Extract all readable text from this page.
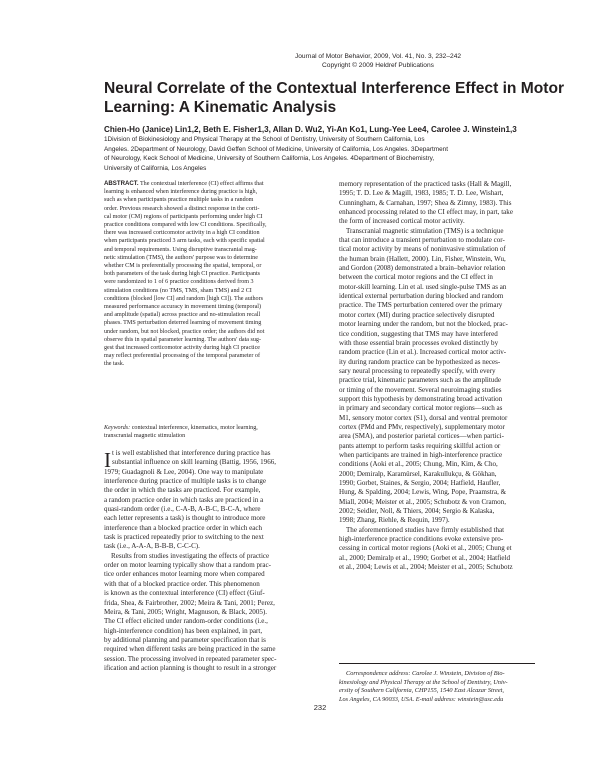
Journal of Motor Behavior, 2009, Vol. 41, No. 3, 232–242
Copyright © 2009 Heldref Publications
Neural Correlate of the Contextual Interference Effect in Motor
Learning: A Kinematic Analysis
Chien-Ho (Janice) Lin1,2, Beth E. Fisher1,3, Allan D. Wu2, Yi-An Ko1, Lung-Yee Lee4, Carolee J. Winstein1,3
1Division of Biokinesiology and Physical Therapy at the School of Dentistry, University of Southern California, Los
Angeles. 2Department of Neurology, David Geffen School of Medicine, University of California, Los Angeles. 3Department
of Neurology, Keck School of Medicine, University of Southern California, Los Angeles. 4Department of Biochemistry,
University of California, Los Angeles
ABSTRACT. The contextual interference (CI) effect affirms that
learning is enhanced when interference during practice is high,
such as when participants practice multiple tasks in a random
order. Previous research showed a distinct response in the corti-
cal motor (CM) regions of participants performing under high CI
practice conditions compared with low CI conditions. Specifically,
there was increased corticomotor activity in a high CI condition
when participants practiced 3 arm tasks, each with specific spatial
and temporal requirements. Using disruptive transcranial mag-
netic stimulation (TMS), the authors' purpose was to determine
whether CM is preferentially processing the spatial, temporal, or
both parameters of the task during high CI practice. Participants
were randomized to 1 of 6 practice conditions derived from 3
stimulation conditions (no TMS, TMS, sham TMS) and 2 CI
conditions (blocked [low CI] and random [high CI]). The authors
measured performance accuracy in movement timing (temporal)
and amplitude (spatial) across practice and no-stimulation recall
phases. TMS perturbation deterred learning of movement timing
under random, but not blocked, practice order; the authors did not
observe this in spatial parameter learning. The authors' data sug-
gest that increased corticomotor activity during high CI practice
may reflect preferential processing of the temporal parameter of
the task.
Keywords: contextual interference, kinematics, motor learning,
transcranial magnetic stimulation
I t is well established that interference during practice has
substantial influence on skill learning (Battig, 1956, 1966,
1979; Guadagnoli & Lee, 2004). One way to manipulate
interference during practice of multiple tasks is to change
the order in which the tasks are practiced. For example,
a random practice order in which tasks are practiced in a
quasi-random order (i.e., C-A-B, A-B-C, B-C-A, where
each letter represents a task) is thought to introduce more
interference than a blocked practice order in which each
task is practiced repeatedly prior to switching to the next
task (i.e., A-A-A, B-B-B, C-C-C).
Results from studies investigating the effects of practice
order on motor learning typically show that a random prac-
tice order enhances motor learning more when compared
with that of a blocked practice order. This phenomenon
is known as the contextual interference (CI) effect (Giuf-
frida, Shea, & Fairbrother, 2002; Meira & Tani, 2001; Perez,
Meira, & Tani, 2005; Wright, Magnuson, & Black, 2005).
The CI effect elicited under random-order conditions (i.e.,
high-interference condition) has been explained, in part,
by additional planning and parameter specification that is
required when different tasks are being practiced in the same
session. The processing involved in repeated parameter spec-
ification and action planning is thought to result in a stronger
memory representation of the practiced tasks (Hall & Magill,
1995; T. D. Lee & Magill, 1983, 1985; T. D. Lee, Wishart,
Cunningham, & Carnahan, 1997; Shea & Zimny, 1983). This
enhanced processing related to the CI effect may, in part, take
the form of increased cortical motor activity.
Transcranial magnetic stimulation (TMS) is a technique
that can introduce a transient perturbation to modulate cor-
tical motor activity by means of noninvasive stimulation of
the human brain (Hallett, 2000). Lin, Fisher, Winstein, Wu,
and Gordon (2008) demonstrated a brain–behavior relation
between the cortical motor regions and the CI effect in
motor-skill learning. Lin et al. used single-pulse TMS as an
identical external perturbation during blocked and random
practice. The TMS perturbation centered over the primary
motor cortex (MI) during practice selectively disrupted
motor learning under the random, but not the blocked, prac-
tice condition, suggesting that TMS may have interfered
with those essential brain processes evoked distinctly by
random practice (Lin et al.). Increased cortical motor activ-
ity during random practice can be hypothesized as neces-
sary neural processing to repeatedly specify, with every
practice trial, kinematic parameters such as the amplitude
or timing of the movement. Several neuroimaging studies
support this hypothesis by demonstrating broad activation
in primary and secondary cortical motor regions—such as
M1, sensory motor cortex (S1), dorsal and ventral premotor
cortex (PMd and PMv, respectively), supplementary motor
area (SMA), and posterior parietal cortices—when partici-
pants attempt to perform tasks requiring skillful action or
when participants are trained in high-interference practice
conditions (Aoki et al., 2005; Chung, Min, Kim, & Cho,
2000; Demiralp, Karamürsel, Karakullukçu, & Gökhan,
1990; Gorbet, Staines, & Sergio, 2004; Hatfield, Haufler,
Hung, & Spalding, 2004; Lewis, Wing, Pope, Praamstra, &
Miall, 2004; Meister et al., 2005; Schubotz & von Cramon,
2002; Seidler, Noll, & Thiers, 2004; Sergio & Kalaska,
1998; Zhang, Riehle, & Requin, 1997).
The aforementioned studies have firmly established that
high-interference practice conditions evoke extensive pro-
cessing in cortical motor regions (Aoki et al., 2005; Chung et
al., 2000; Demiralp et al., 1990; Gorbet et al., 2004; Hatfield
et al., 2004; Lewis et al., 2004; Meister et al., 2005; Schubotz
Correspondence address: Carolee J. Winstein, Division of Bio-
kinesiology and Physical Therapy at the School of Dentistry, Univ-
ersity of Southern California, CHP155, 1540 East Alcazar Street,
Los Angeles, CA 90033, USA. E-mail address: winstein@usc.edu
232
